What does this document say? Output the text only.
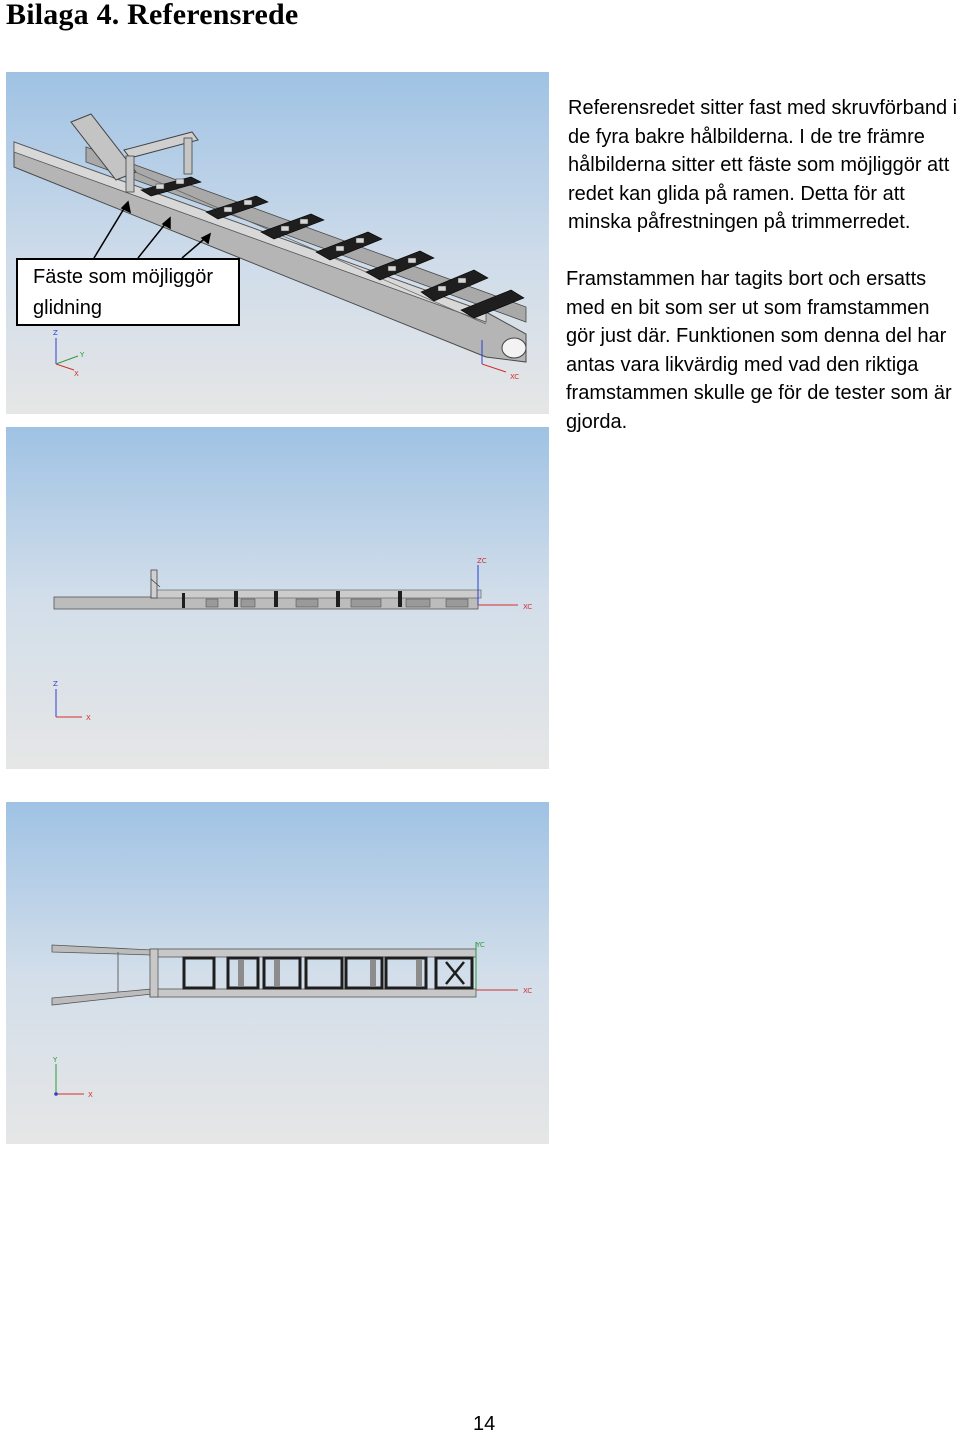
Bilaga 4. Referensrede
XC
Z
Y
X
Fäste som möjliggör
glidning
ZC
XC
Z
X
YC
XC
Y
X

Referensredet sitter fast med skruvförband i de fyra bakre hålbilderna. I de tre främre hålbilderna sitter ett fäste som möjliggör att redet kan glida på ramen. Detta för att minska påfrestningen på trimmerredet.

Framstammen har tagits bort och ersatts med en bit som ser ut som framstammen gör just där. Funktionen som denna del har antas vara likvärdig med vad den riktiga framstammen skulle ge för de tester som är gjorda.

14
